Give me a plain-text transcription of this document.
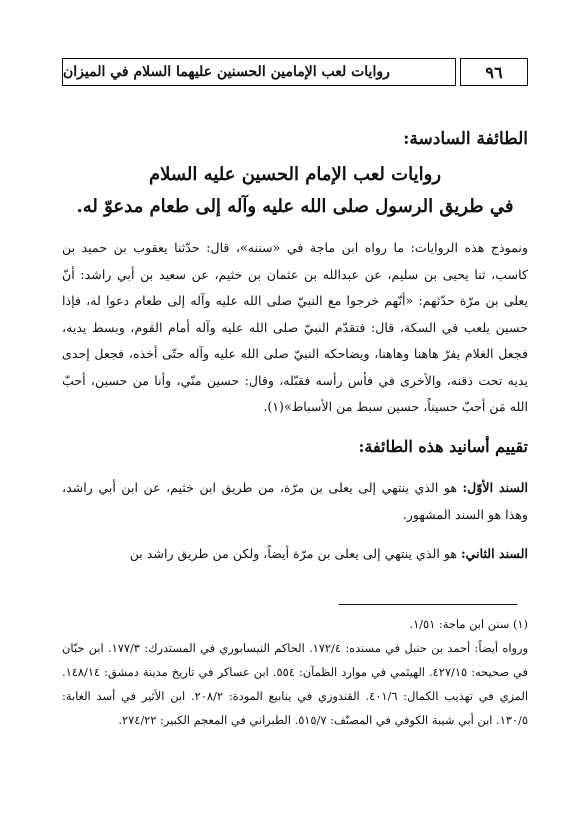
روايات لعب الإمامين الحسنين عليهما السلام في الميزان	٩٦
الطائفة السادسة:
روايات لعب الإمام الحسين عليه السلام
في طريق الرسول صلى الله عليه وآله إلى طعام مدعوّ له.

ونموذج هذه الروايات: ما رواه ابن ماجة في «سننه»، قال: حدّثنا يعقوب بن حميد بن كاسب، ثنا يحيى بن سليم، عن عبدالله بن عثمان بن خثيم، عن سعيد بن أبي راشد: أنّ يعلى بن مرّة حدّثهم: «أنّهم خرجوا مع النبيّ صلى الله عليه وآله إلى طعام دعوا له، فإذا حسين يلعب في السكة، قال: فتقدّم النبيّ صلى الله عليه وآله أمام القوم، وبسط يديه، فجعل الغلام يفرّ هاهنا وهاهنا، ويضاحكه النبيّ صلى الله عليه وآله حتّى أخذه، فجعل إحدى يديه تحت ذقنه، والأخرى في فأس رأسه فقبّله، وقال: حسين منّي، وأنا من حسين، أحبّ الله مَن أحبّ حسيناً، حسين سبط من الأسباط»(١).

تقييم أسانيد هذه الطائفة:

السند الأوّل: هو الذي ينتهي إلى يعلى بن مرّة، من طريق ابن خثيم، عن ابن أبي راشد، وهذا هو السند المشهور.

السند الثاني: هو الذي ينتهي إلى يعلى بن مرّة أيضاً، ولكن من طريق راشد بن

(١) سنن ابن ماجة: ١/٥١.

ورواه أيضاً: أحمد بن حنبل في مسنده: ١٧٢/٤. الحاكم النيسابوري في المستدرك: ١٧٧/٣. ابن حبّان في صحيحه: ٤٢٧/١٥. الهيثمي في موارد الظمآن: ٥٥٤. ابن عساكر في تاريخ مدينة دمشق: ١٤٨/١٤. المزي في تهذيب الكمال: ٤٠١/٦. القندوزي في ينابيع المودة: ٢٠٨/٢. ابن الأثير في أسد الغابة: ١٣٠/٥. ابن أبي شيبة الكوفي في المصنّف: ٥١٥/٧. الطبراني في المعجم الكبير: ٢٧٤/٢٢.
